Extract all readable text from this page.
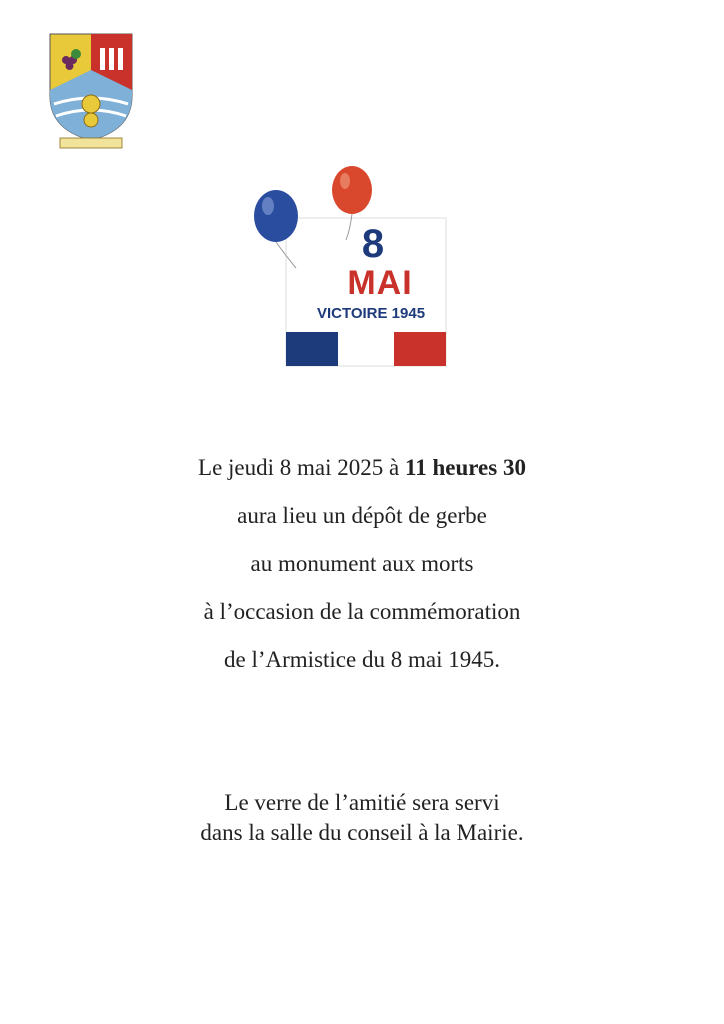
8
MAI
VICTOIRE 1945
Le jeudi 8 mai 2025 à 11 heures 30
aura lieu un dépôt de gerbe
au monument aux morts
à l’occasion de la commémoration
de l’Armistice du 8 mai 1945.
Le verre de l’amitié sera servi
dans la salle du conseil à la Mairie.
